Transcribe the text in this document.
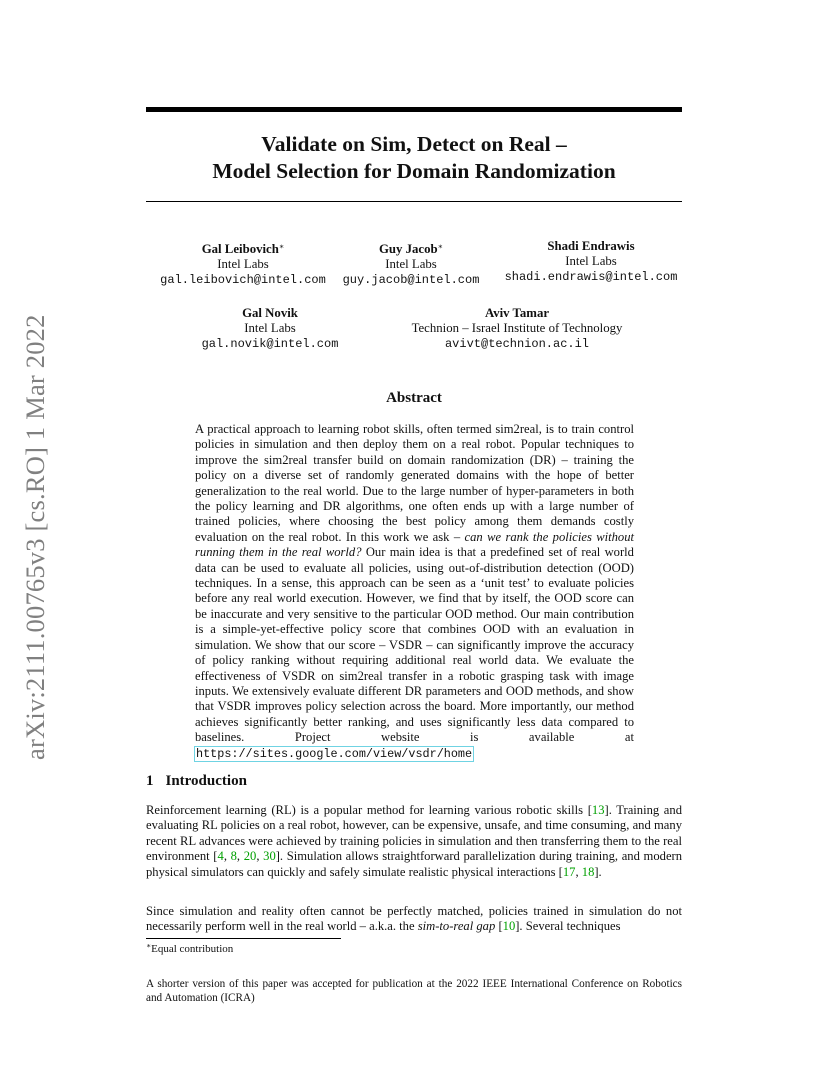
arXiv:2111.00765v3 [cs.RO] 1 Mar 2022
Validate on Sim, Detect on Real –
Model Selection for Domain Randomization
Gal Leibovich∗
Intel Labs
gal.leibovich@intel.com
Guy Jacob∗
Intel Labs
guy.jacob@intel.com
Shadi Endrawis
Intel Labs
shadi.endrawis@intel.com
Gal Novik
Intel Labs
gal.novik@intel.com
Aviv Tamar
Technion – Israel Institute of Technology
avivt@technion.ac.il
Abstract
A practical approach to learning robot skills, often termed sim2real, is to train control policies in simulation and then deploy them on a real robot. Popular techniques to improve the sim2real transfer build on domain randomization (DR) – training the policy on a diverse set of randomly generated domains with the hope of better generalization to the real world. Due to the large number of hyper-parameters in both the policy learning and DR algorithms, one often ends up with a large number of trained policies, where choosing the best policy among them demands costly evaluation on the real robot. In this work we ask – can we rank the policies without running them in the real world? Our main idea is that a predefined set of real world data can be used to evaluate all policies, using out-of-distribution detection (OOD) techniques. In a sense, this approach can be seen as a ‘unit test’ to evaluate policies before any real world execution. However, we find that by itself, the OOD score can be inaccurate and very sensitive to the particular OOD method. Our main contribution is a simple-yet-effective policy score that combines OOD with an evaluation in simulation. We show that our score – VSDR – can significantly improve the accuracy of policy ranking without requiring additional real world data. We evaluate the effectiveness of VSDR on sim2real transfer in a robotic grasping task with image inputs. We extensively evaluate different DR parameters and OOD methods, and show that VSDR improves policy selection across the board. More importantly, our method achieves significantly better ranking, and uses significantly less data compared to baselines. Project website is available at https://sites.google.com/view/vsdr/home
1 Introduction
Reinforcement learning (RL) is a popular method for learning various robotic skills [13]. Training and evaluating RL policies on a real robot, however, can be expensive, unsafe, and time consuming, and many recent RL advances were achieved by training policies in simulation and then transferring them to the real environment [4, 8, 20, 30]. Simulation allows straightforward parallelization during training, and modern physical simulators can quickly and safely simulate realistic physical interactions [17, 18].
Since simulation and reality often cannot be perfectly matched, policies trained in simulation do not necessarily perform well in the real world – a.k.a. the sim-to-real gap [10]. Several techniques
∗Equal contribution
A shorter version of this paper was accepted for publication at the 2022 IEEE International Conference on Robotics and Automation (ICRA)
